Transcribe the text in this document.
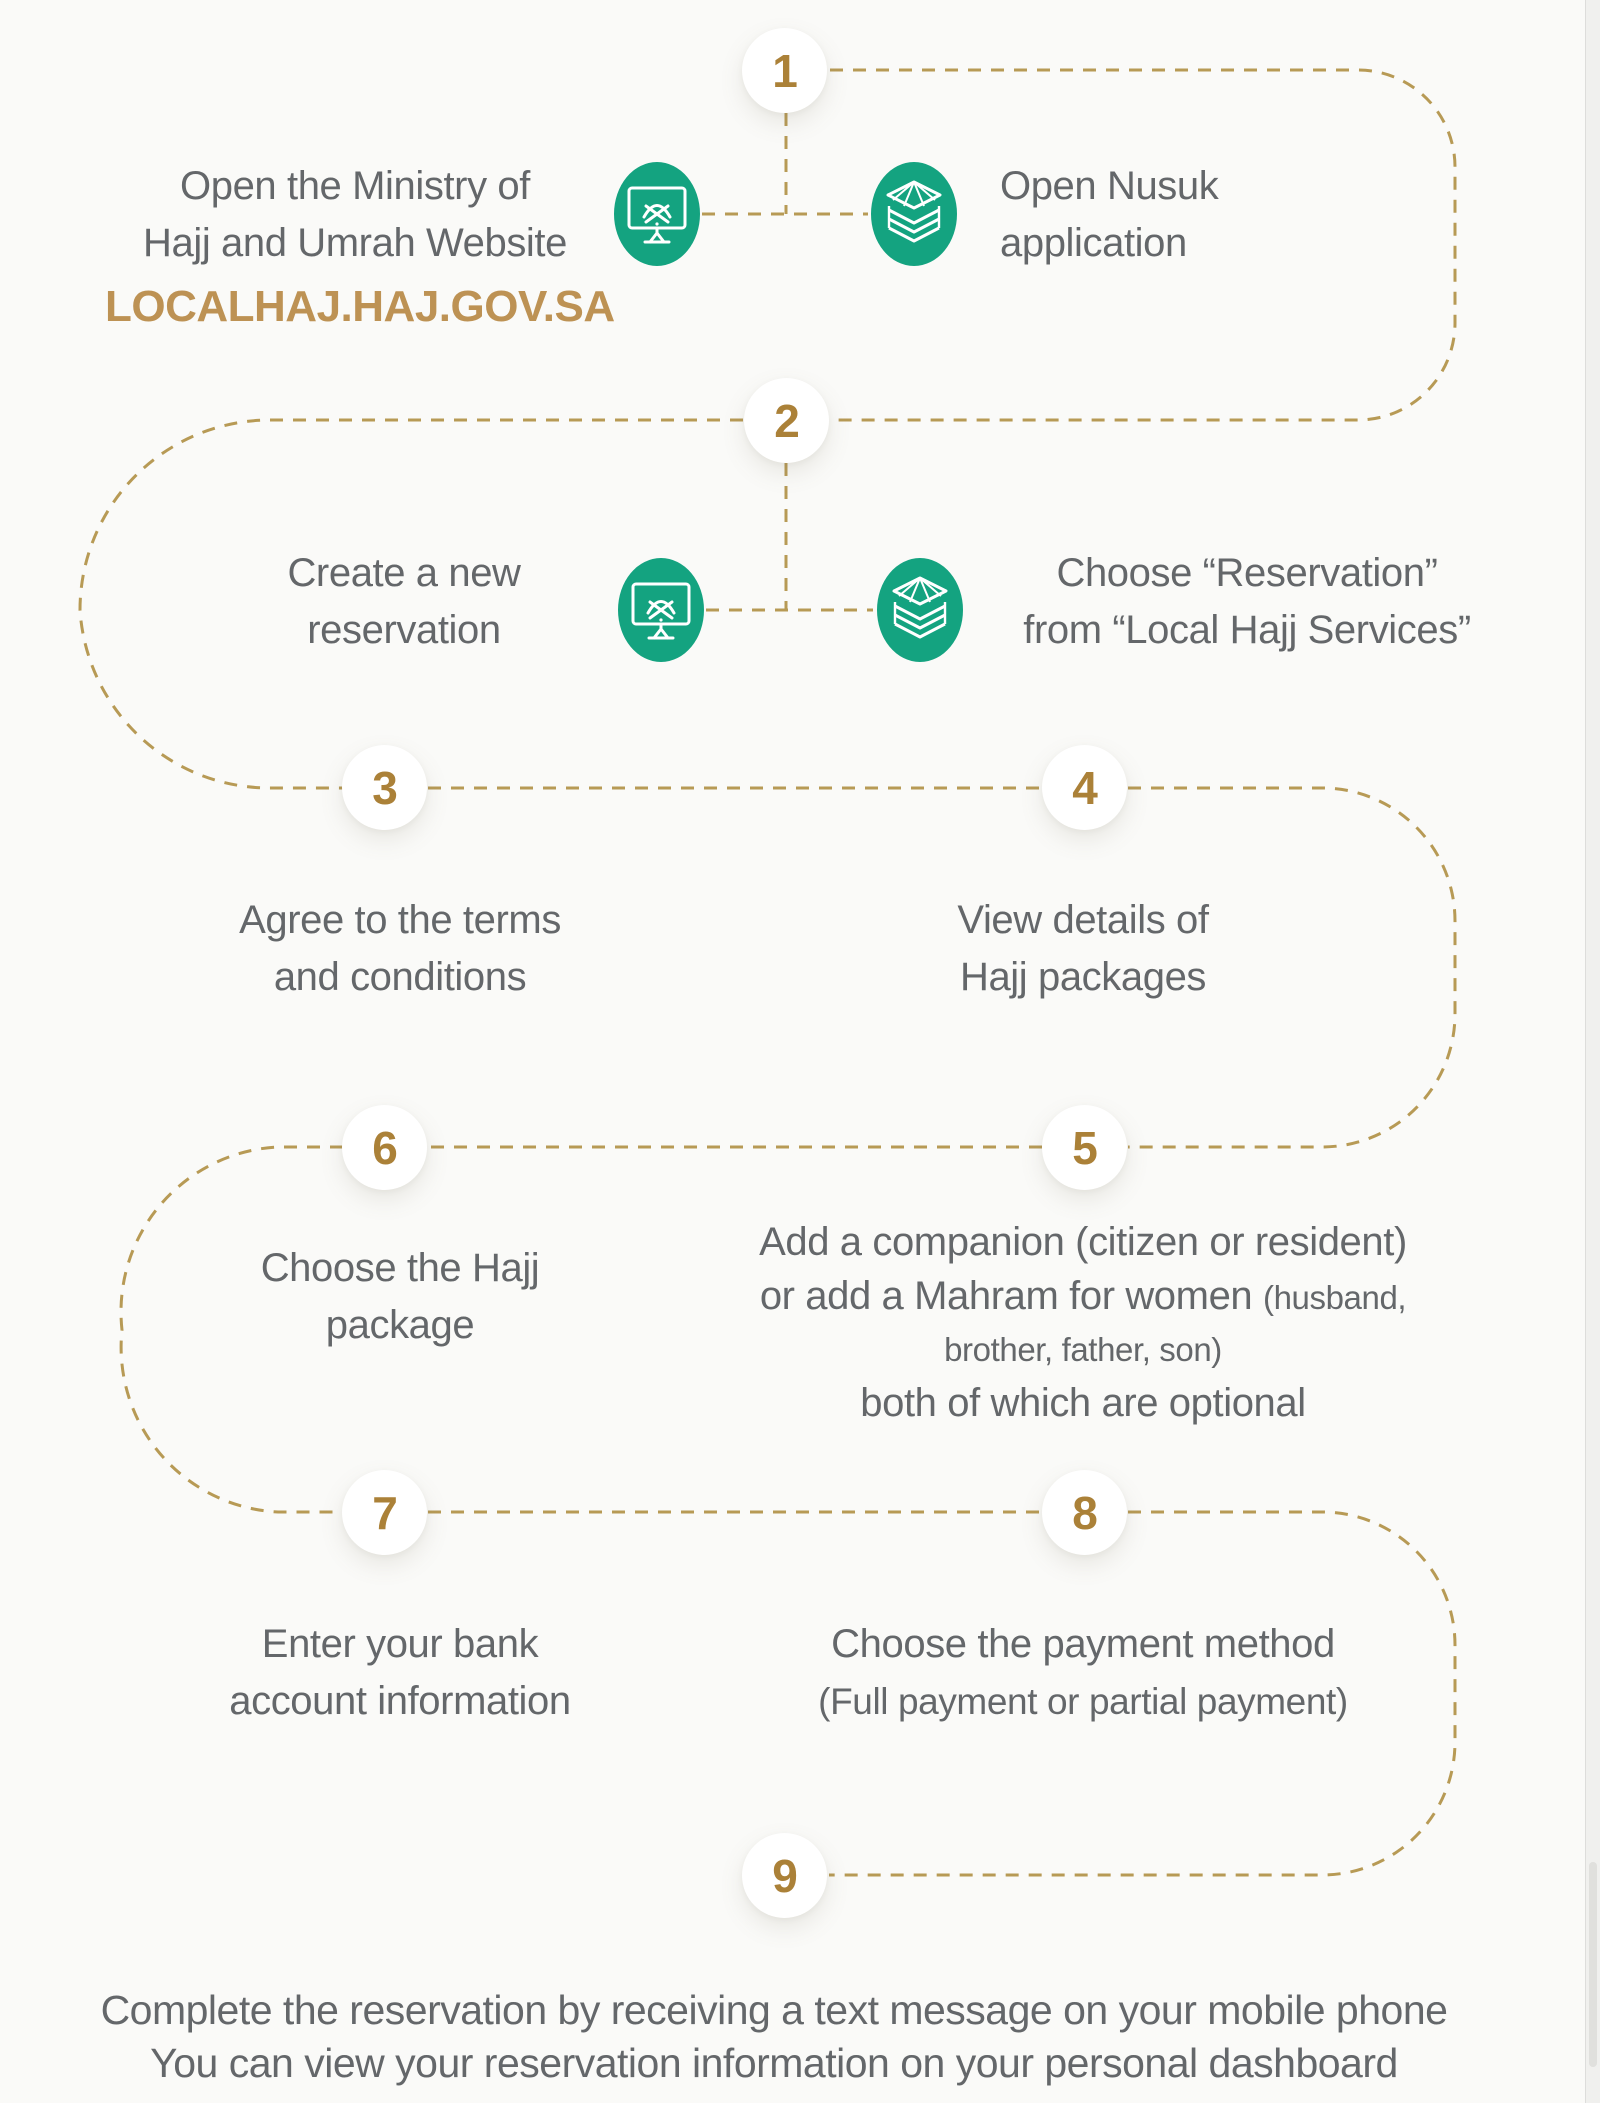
1
2
3	4
5
6
7	8
9
Open the Ministry of
Hajj and Umrah Website
LOCALHAJ.HAJ.GOV.SA
Open Nusuk
application
Create a new
reservation
Choose “Reservation”
from “Local Hajj Services”
Agree to the terms
and conditions
View details of
Hajj packages
Add a companion (citizen or resident)
or add a Mahram for women (husband,
brother, father, son)
both of which are optional
Choose the Hajj
package
Enter your bank
account information
Choose the payment method
(Full payment or partial payment)
Complete the reservation by receiving a text message on your mobile phone
You can view your reservation information on your personal dashboard
